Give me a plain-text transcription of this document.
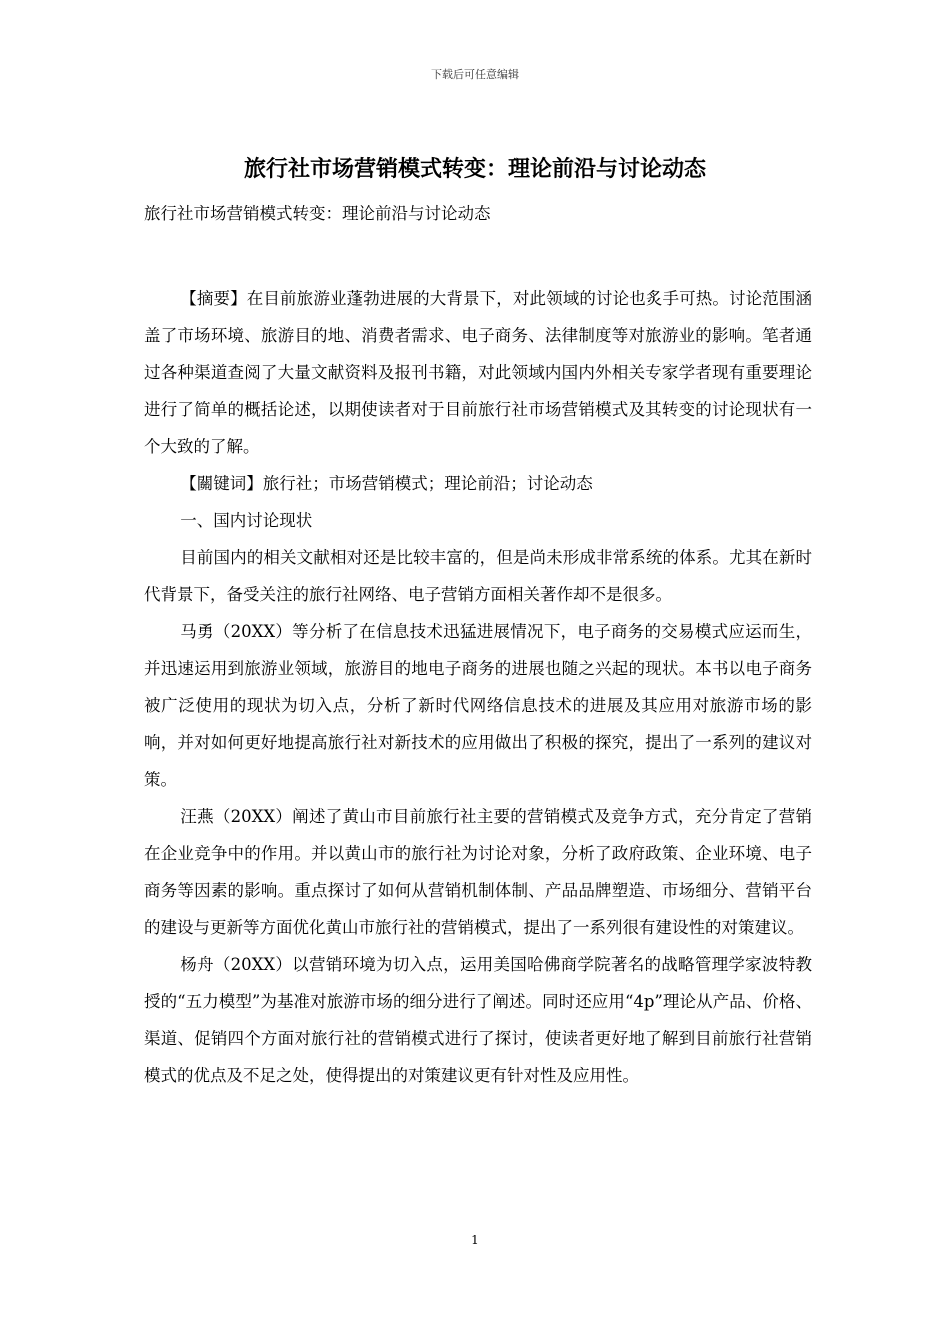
下载后可任意编辑
旅行社市场营销模式转变：理论前沿与讨论动态

旅行社市场营销模式转变：理论前沿与讨论动态

【摘要】在目前旅游业蓬勃进展的大背景下，对此领域的讨论也炙手可热。讨论范围涵盖了市场环境、旅游目的地、消费者需求、电子商务、法律制度等对旅游业的影响。笔者通过各种渠道查阅了大量文献资料及报刊书籍，对此领域内国内外相关专家学者现有重要理论进行了简单的概括论述，以期使读者对于目前旅行社市场营销模式及其转变的讨论现状有一个大致的了解。

【關键词】旅行社；市场营销模式；理论前沿；讨论动态

一、国内讨论现状

目前国内的相关文献相对还是比较丰富的，但是尚未形成非常系统的体系。尤其在新时代背景下，备受关注的旅行社网络、电子营销方面相关著作却不是很多。

马勇（20XX）等分析了在信息技术迅猛进展情况下，电子商务的交易模式应运而生，并迅速运用到旅游业领域，旅游目的地电子商务的进展也随之兴起的现状。本书以电子商务被广泛使用的现状为切入点，分析了新时代网络信息技术的进展及其应用对旅游市场的影响，并对如何更好地提高旅行社对新技术的应用做出了积极的探究，提出了一系列的建议对策。

汪燕（20XX）阐述了黄山市目前旅行社主要的营销模式及竞争方式，充分肯定了营销在企业竞争中的作用。并以黄山市的旅行社为讨论对象，分析了政府政策、企业环境、电子商务等因素的影响。重点探讨了如何从营销机制体制、产品品牌塑造、市场细分、营销平台的建设与更新等方面优化黄山市旅行社的营销模式，提出了一系列很有建设性的对策建议。

杨舟（20XX）以营销环境为切入点，运用美国哈佛商学院著名的战略管理学家波特教授的“五力模型”为基准对旅游市场的细分进行了阐述。同时还应用“4p”理论从产品、价格、渠道、促销四个方面对旅行社的营销模式进行了探讨，使读者更好地了解到目前旅行社营销模式的优点及不足之处，使得提出的对策建议更有针对性及应用性。

1
